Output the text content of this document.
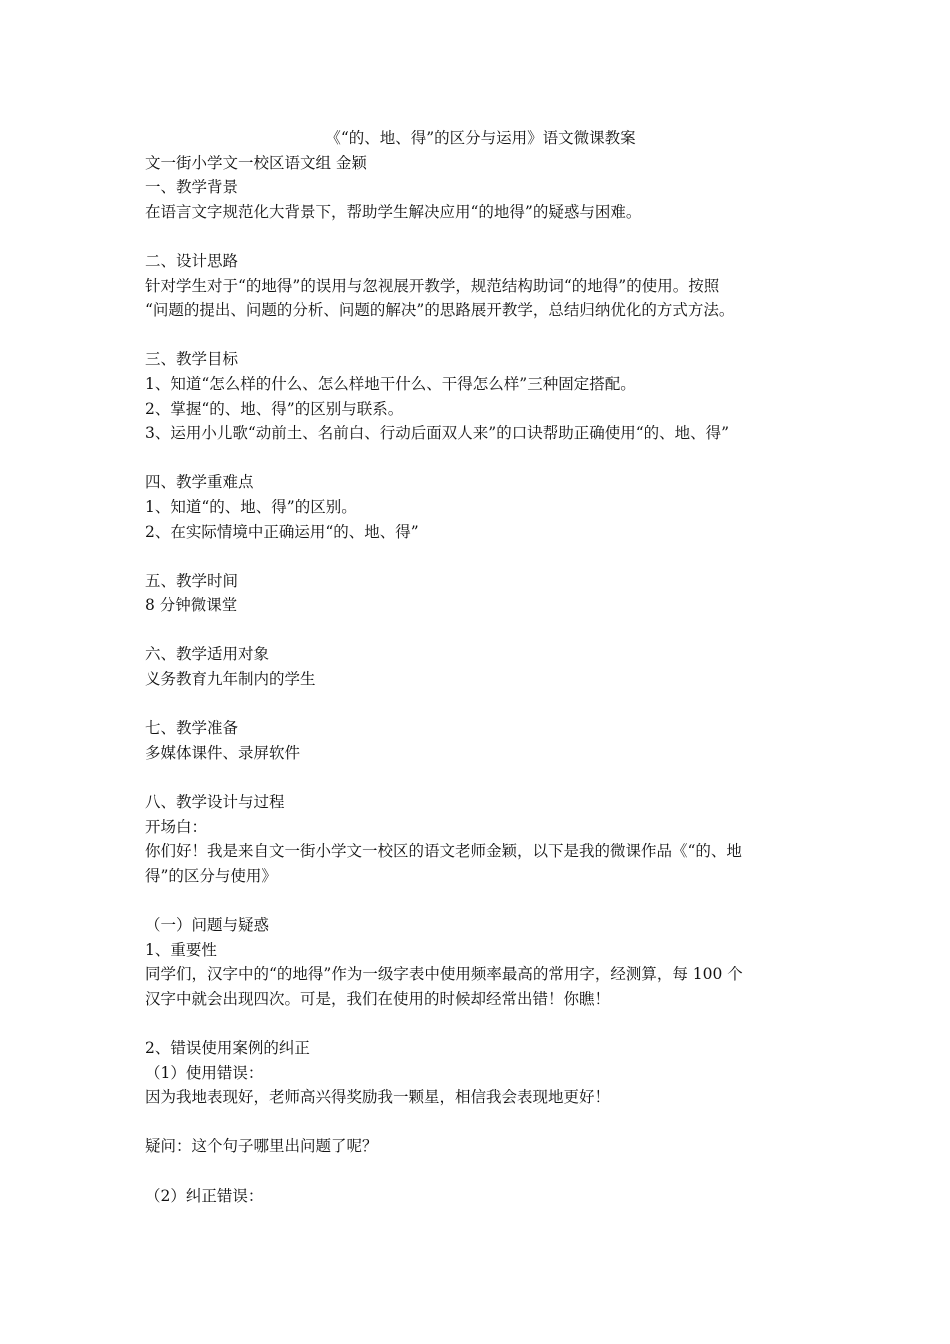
《“的、地、得”的区分与运用》语文微课教案
文一街小学文一校区语文组 金颖
一、教学背景
在语言文字规范化大背景下，帮助学生解决应用“的地得”的疑惑与困难。
二、设计思路
针对学生对于“的地得”的误用与忽视展开教学，规范结构助词“的地得”的使用。按照
“问题的提出、问题的分析、问题的解决”的思路展开教学，总结归纳优化的方式方法。
三、教学目标
1、知道“怎么样的什么、怎么样地干什么、干得怎么样”三种固定搭配。
2、掌握“的、地、得”的区别与联系。
3、运用小儿歌“动前土、名前白、行动后面双人来”的口诀帮助正确使用“的、地、得”
四、教学重难点
1、知道“的、地、得”的区别。
2、在实际情境中正确运用“的、地、得”
五、教学时间
8 分钟微课堂
六、教学适用对象
义务教育九年制内的学生
七、教学准备
多媒体课件、录屏软件
八、教学设计与过程
开场白：
你们好！我是来自文一街小学文一校区的语文老师金颖，以下是我的微课作品《“的、地
得”的区分与使用》
（一）问题与疑惑
1、重要性
同学们，汉字中的“的地得”作为一级字表中使用频率最高的常用字，经测算，每 100 个
汉字中就会出现四次。可是，我们在使用的时候却经常出错！你瞧！
2、错误使用案例的纠正
（1）使用错误：
因为我地表现好，老师高兴得奖励我一颗星，相信我会表现地更好！
疑问：这个句子哪里出问题了呢？
（2）纠正错误：
